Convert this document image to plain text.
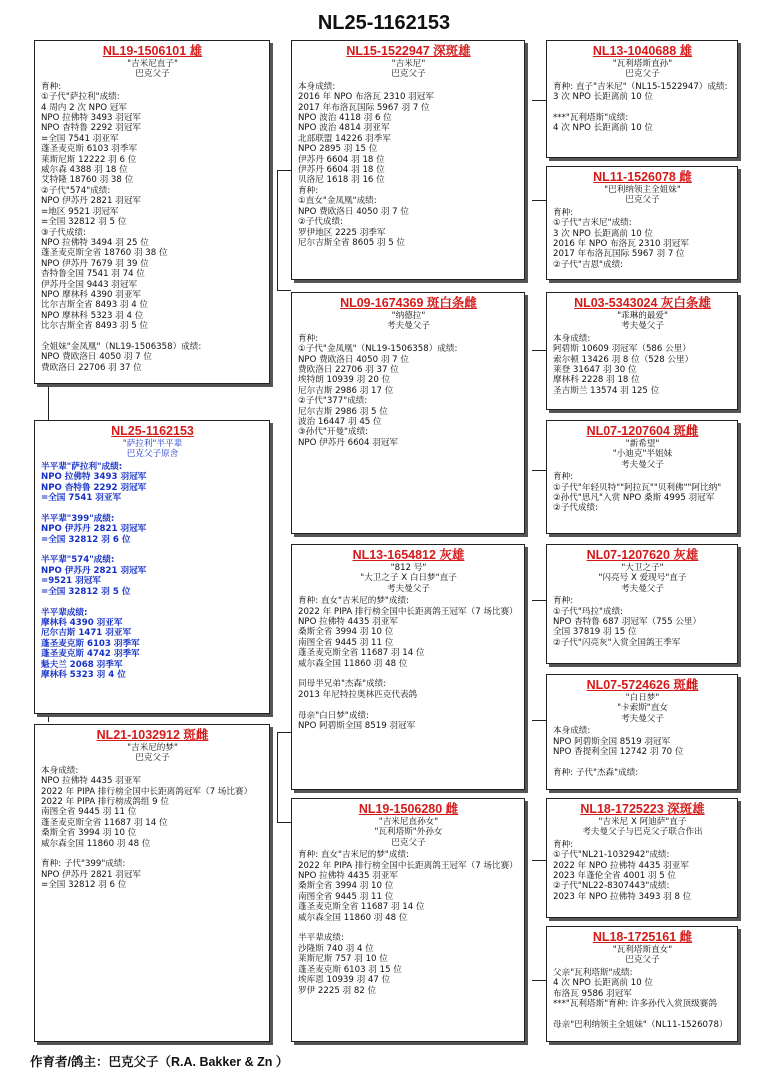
NL25-1162153
NL19-1506101 雄
"吉米尼直子"
巴克父子
育种:
①子代"萨拉利"成绩:
4 周内 2 次 NPO 冠军
NPO 拉佛特 3493 羽冠军
NPO 杳特鲁 2292 羽冠军
=全国 7541 羽亚军
蓬圣麦克斯 6103 羽季军
莱斯尼斯 12222 羽 6 位
威尔森 4388 羽 18 位
艾特隆 18760 羽 38 位
②子代"574"成绩:
NPO 伊苏丹 2821 羽冠军
=地区 9521 羽冠军
=全国 32812 羽 5 位
③子代成绩:
NPO 拉佛特 3494 羽 25 位
蓬圣麦克斯全省 18760 羽 38 位
NPO 伊苏丹 7679 羽 39 位
杳特鲁全国 7541 羽 74 位
伊苏丹全国 9443 羽冠军
NPO 摩林科 4390 羽亚军
比尔吉斯全省 8493 羽 4 位
NPO 摩林科 5323 羽 4 位
比尔吉斯全省 8493 羽 5 位

全姐妹"金凤凰"（NL19-1506358）成绩:
NPO 费欧洛日 4050 羽 7 位
费欧洛日 22706 羽 37 位
NL25-1162153
"萨拉利"半平辈
巴克父子原舍
半平辈"萨拉利"成绩:
NPO 拉佛特 3493 羽冠军
NPO 杳特鲁 2292 羽冠军
=全国 7541 羽亚军

半平辈"399"成绩:
NPO 伊苏丹 2821 羽冠军
=全国 32812 羽 6 位

半平辈"574"成绩:
NPO 伊苏丹 2821 羽冠军
=9521 羽冠军
=全国 32812 羽 5 位

半平辈成绩:
摩林科 4390 羽亚军
尼尔吉斯 1471 羽亚军
蓬圣麦克斯 6103 羽季军
蓬圣麦克斯 4742 羽季军
魁夫兰 2068 羽季军
摩林科 5323 羽 4 位
NL21-1032912 斑雌
"吉米尼的梦"
巴克父子
本身成绩:
NPO 拉佛特 4435 羽亚军
2022 年 PIPA 排行榜全国中长距离鸽冠军（7 场比赛）
2022 年 PIPA 排行榜成鸽组 9 位
南图全省 9445 羽 11 位
蓬圣麦克斯全省 11687 羽 14 位
桑斯全省 3994 羽 10 位
威尔森全国 11860 羽 48 位

育种: 子代"399"成绩:
NPO 伊苏丹 2821 羽冠军
=全国 32812 羽 6 位
NL15-1522947 深斑雄
"吉米尼"
巴克父子
本身成绩:
2016 年 NPO 布洛瓦 2310 羽冠军
2017 年布洛瓦国际 5967 羽 7 位
NPO 波治 4118 羽 6 位
NPO 波治 4814 羽亚军
北部联盟 14226 羽季军
NPO 2895 羽 15 位
伊苏丹 6604 羽 18 位
伊苏丹 6604 羽 18 位
贝洛尼 1618 羽 16 位
育种:
①直女"金凤凰"成绩:
NPO 费欧洛日 4050 羽 7 位
②子代成绩:
罗伊地区 2225 羽季军
尼尔吉斯全省 8605 羽 5 位
NL09-1674369 斑白条雌
"纳德拉"
考夫曼父子
育种:
①子代"金凤凰"（NL19-1506358）成绩:
NPO 费欧洛日 4050 羽 7 位
费欧洛日 22706 羽 37 位
埃特朗 10939 羽 20 位
尼尔吉斯 2986 羽 17 位
②子代"377"成绩:
尼尔吉斯 2986 羽 5 位
波治 16447 羽 45 位
③孙代"开曼"成绩:
NPO 伊苏丹 6604 羽冠军
NL13-1654812 灰雄
"812 号"
"大卫之子 X 白日梦"直子
考夫曼父子
育种: 直女"吉米尼的梦"成绩:
2022 年 PIPA 排行榜全国中长距离鸽王冠军（7 场比赛）
NPO 拉佛特 4435 羽亚军
桑斯全省 3994 羽 10 位
南图全省 9445 羽 11 位
蓬圣麦克斯全省 11687 羽 14 位
威尔森全国 11860 羽 48 位

同母半兄弟"杰森"成绩:
2013 年尼特拉奥林匹克代表鸽

母亲"白日梦"成绩:
NPO 阿碧斯全国 8519 羽冠军
NL19-1506280 雌
"吉米尼直孙女"
"瓦利塔斯"外孙女
巴克父子
育种: 直女"吉米尼的梦"成绩:
2022 年 PIPA 排行榜全国中长距离鸽王冠军（7 场比赛）
NPO 拉佛特 4435 羽亚军
桑斯全省 3994 羽 10 位
南图全省 9445 羽 11 位
蓬圣麦克斯全省 11687 羽 14 位
威尔森全国 11860 羽 48 位

半平辈成绩:
沙隆斯 740 羽 4 位
莱斯尼斯 757 羽 10 位
蓬圣麦克斯 6103 羽 15 位
埃库恩 10939 羽 47 位
罗伊 2225 羽 82 位
NL13-1040688 雄
"瓦利塔斯直孙"
巴克父子
育种: 直子"吉米尼"（NL15-1522947）成绩:
3 次 NPO 长距离前 10 位

***"瓦利塔斯"成绩:
4 次 NPO 长距离前 10 位
NL11-1526078 雌
"巴利纳领主全姐妹"
巴克父子
育种:
①子代"吉米尼"成绩:
3 次 NPO 长距离前 10 位
2016 年 NPO 布洛瓦 2310 羽冠军
2017 年布洛瓦国际 5967 羽 7 位
②子代"吉恩"成绩:
NL03-5343024 灰白条雄
"乖琳的最爱"
考夫曼父子
本身成绩:
阿碧斯 10609 羽冠军（586 公里）
索尔顿 13426 羽 8 位（528 公里）
莱登 31647 羽 30 位
摩林科 2228 羽 18 位
圣吉斯兰 13574 羽 125 位
NL07-1207604 斑雌
"新希望"
"小迪克"半姐妹
考夫曼父子
育种:
①子代"年轻贝特""阿拉瓦""贝利佛""阿比纳"
②孙代"思凡"入赏 NPO 桑斯 4995 羽冠军
②子代成绩:
NL07-1207620 灰雄
"大卫之子"
"闪亮号 X 爱现号"直子
考夫曼父子
育种:
①子代"玛拉"成绩:
NPO 杳特鲁 687 羽冠军（755 公里）
全国 37819 羽 15 位
②子代"闪亮灰"入赏全国鸽王季军
NL07-5724626 斑雌
"白日梦"
"卡索斯"直女
考夫曼父子
本身成绩:
NPO 阿碧斯全国 8519 羽冠军
NPO 香提利全国 12742 羽 70 位

育种: 子代"杰森"成绩:
NL18-1725223 深斑雄
"吉米尼 X 阿迪萨"直子
考夫曼父子与巴克父子联合作出
育种:
①子代"NL21-1032942"成绩:
2022 年 NPO 拉佛特 4435 羽亚军
2023 年蓬伦全省 4001 羽 5 位
②子代"NL22-8307443"成绩:
2023 年 NPO 拉佛特 3493 羽 8 位
NL18-1725161 雌
"瓦利塔斯直女"
巴克父子
父亲"瓦利塔斯"成绩:
4 次 NPO 长距离前 10 位
布洛瓦 9586 羽冠军
***"瓦利塔斯"育种: 许多孙代入赏顶级赛鸽

母亲"巴利纳领主全姐妹"（NL11-1526078）
作育者/鸽主：巴克父子（R.A. Bakker & Zn ）
